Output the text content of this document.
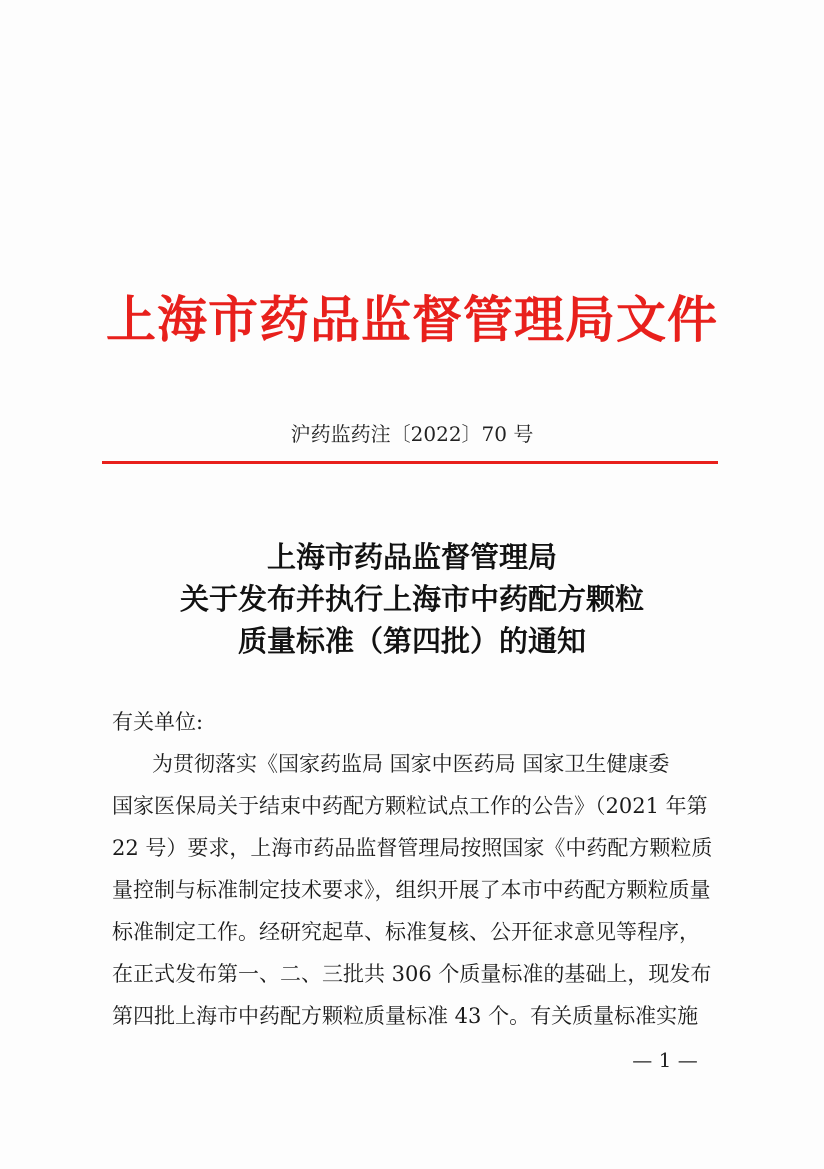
上海市药品监督管理局文件
沪药监药注〔2022〕70 号
上海市药品监督管理局
关于发布并执行上海市中药配方颗粒
质量标准（第四批）的通知
有关单位:
为贯彻落实《国家药监局 国家中医药局 国家卫生健康委
国家医保局关于结束中药配方颗粒试点工作的公告》（2021 年第
22 号）要求，上海市药品监督管理局按照国家《中药配方颗粒质
量控制与标准制定技术要求》，组织开展了本市中药配方颗粒质量
标准制定工作。经研究起草、标准复核、公开征求意见等程序，
在正式发布第一、二、三批共 306 个质量标准的基础上，现发布
第四批上海市中药配方颗粒质量标准 43 个。有关质量标准实施
— 1 —
